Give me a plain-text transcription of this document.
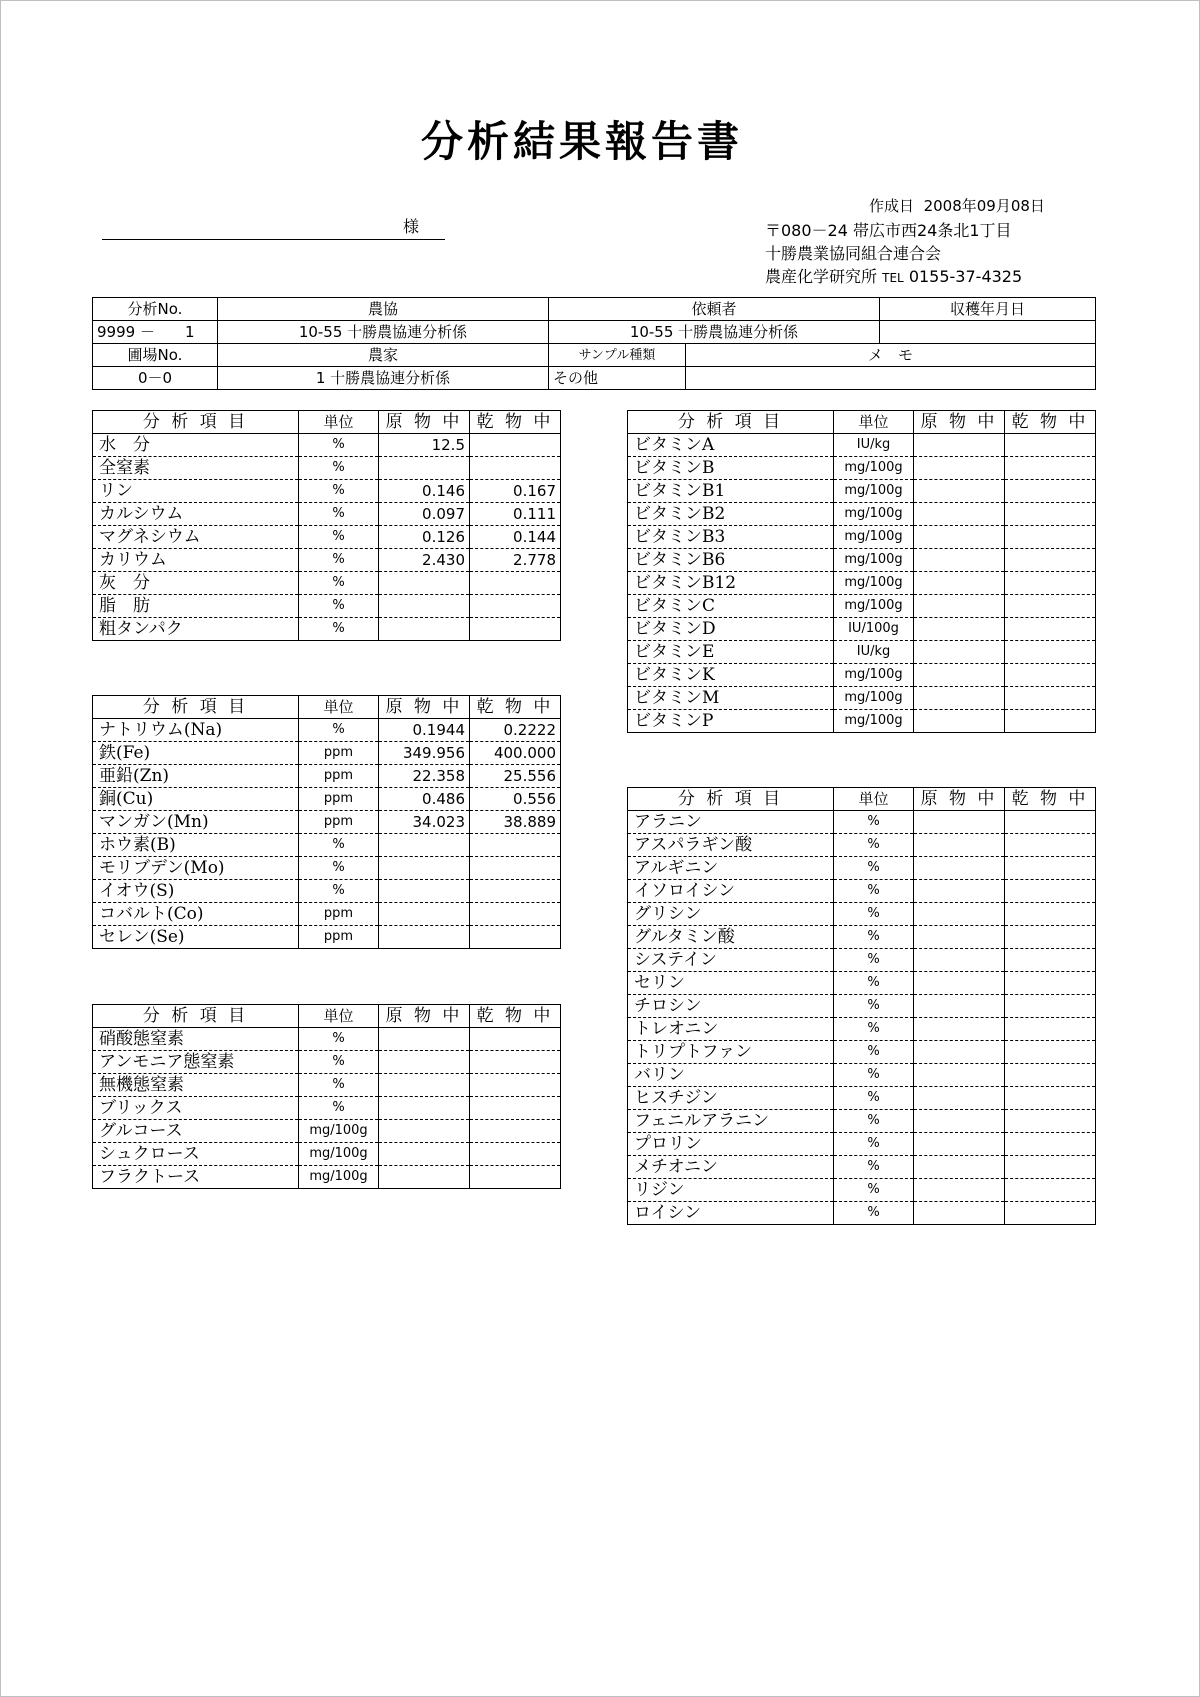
分析結果報告書
様
作成日 2008年09月08日
〒080－24 帯広市西24条北1丁目
十勝農業協同組合連合会
農産化学研究所 TEL 0155-37-4325
分析No.	農協	依頼者	収穫年月日
9999 －　　1	10-55 十勝農協連分析係	10-55 十勝農協連分析係	
圃場No.	農家	サンプル種類	メ　モ
0－0	1 十勝農協連分析係	その他	
分 析 項 目	単位	原 物 中	乾 物 中
水　分	%	12.5	
全窒素	%		
リン	%	0.146	0.167
カルシウム	%	0.097	0.111
マグネシウム	%	0.126	0.144
カリウム	%	2.430	2.778
灰　分	%		
脂　肪	%		
粗タンパク	%		
分 析 項 目	単位	原 物 中	乾 物 中
ナトリウム(Na)	%	0.1944	0.2222
鉄(Fe)	ppm	349.956	400.000
亜鉛(Zn)	ppm	22.358	25.556
銅(Cu)	ppm	0.486	0.556
マンガン(Mn)	ppm	34.023	38.889
ホウ素(B)	%		
モリブデン(Mo)	%		
イオウ(S)	%		
コバルト(Co)	ppm		
セレン(Se)	ppm		
分 析 項 目	単位	原 物 中	乾 物 中
硝酸態窒素	%		
アンモニア態窒素	%		
無機態窒素	%		
ブリックス	%		
グルコース	mg/100g		
シュクロース	mg/100g		
フラクトース	mg/100g		
分 析 項 目	単位	原 物 中	乾 物 中
ビタミンA	IU/kg		
ビタミンB	mg/100g		
ビタミンB1	mg/100g		
ビタミンB2	mg/100g		
ビタミンB3	mg/100g		
ビタミンB6	mg/100g		
ビタミンB12	mg/100g		
ビタミンC	mg/100g		
ビタミンD	IU/100g		
ビタミンE	IU/kg		
ビタミンK	mg/100g		
ビタミンM	mg/100g		
ビタミンP	mg/100g		
分 析 項 目	単位	原 物 中	乾 物 中
アラニン	%		
アスパラギン酸	%		
アルギニン	%		
イソロイシン	%		
グリシン	%		
グルタミン酸	%		
システイン	%		
セリン	%		
チロシン	%		
トレオニン	%		
トリプトファン	%		
バリン	%		
ヒスチジン	%		
フェニルアラニン	%		
プロリン	%		
メチオニン	%		
リジン	%		
ロイシン	%		
